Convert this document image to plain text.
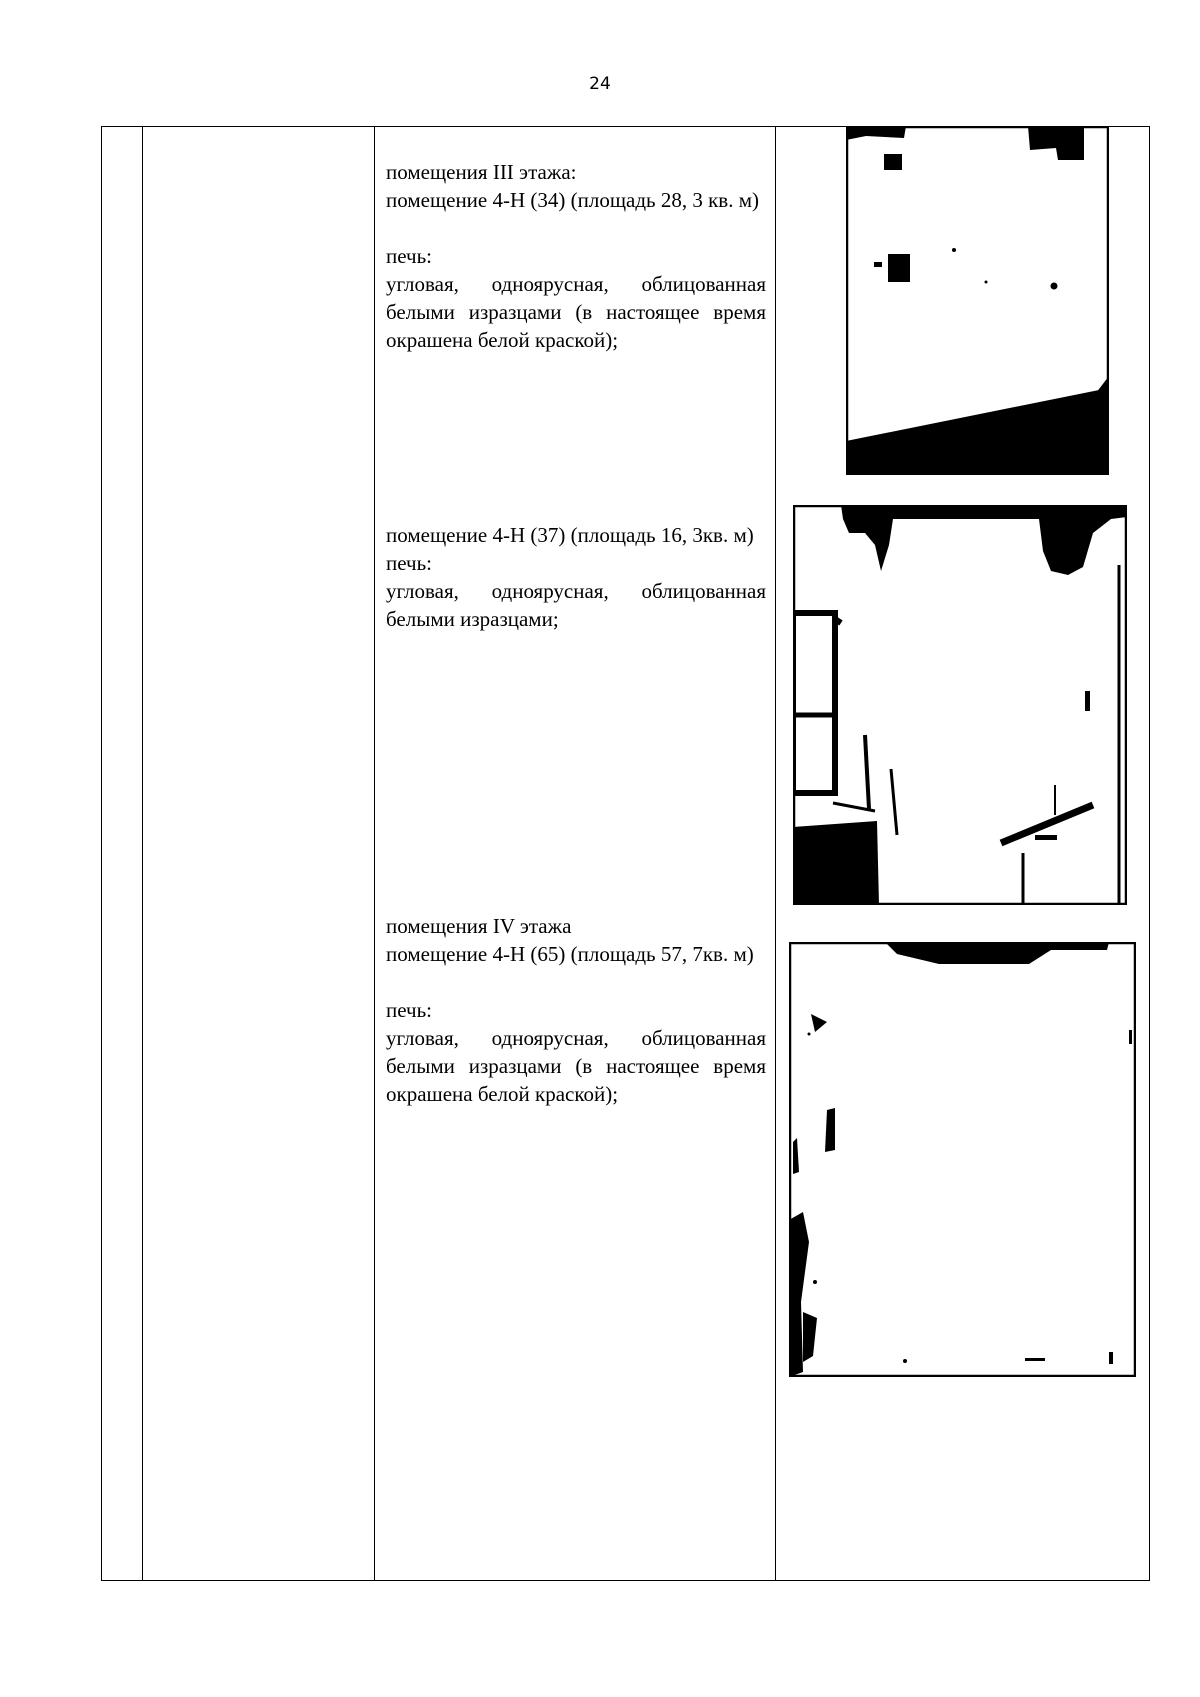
24

помещения III этажа:

помещение 4-Н (34) (площадь 28, 3 кв. м)

печь:

угловая, одноярусная, облицованная белыми изразцами (в настоящее время окрашена белой краской);

помещение 4-Н (37) (площадь 16, 3кв. м)

печь:

угловая, одноярусная, облицованная белыми изразцами;

помещения IV этажа

помещение 4-Н (65) (площадь 57, 7кв. м)

печь:

угловая, одноярусная, облицованная белыми изразцами (в настоящее время окрашена белой краской);
